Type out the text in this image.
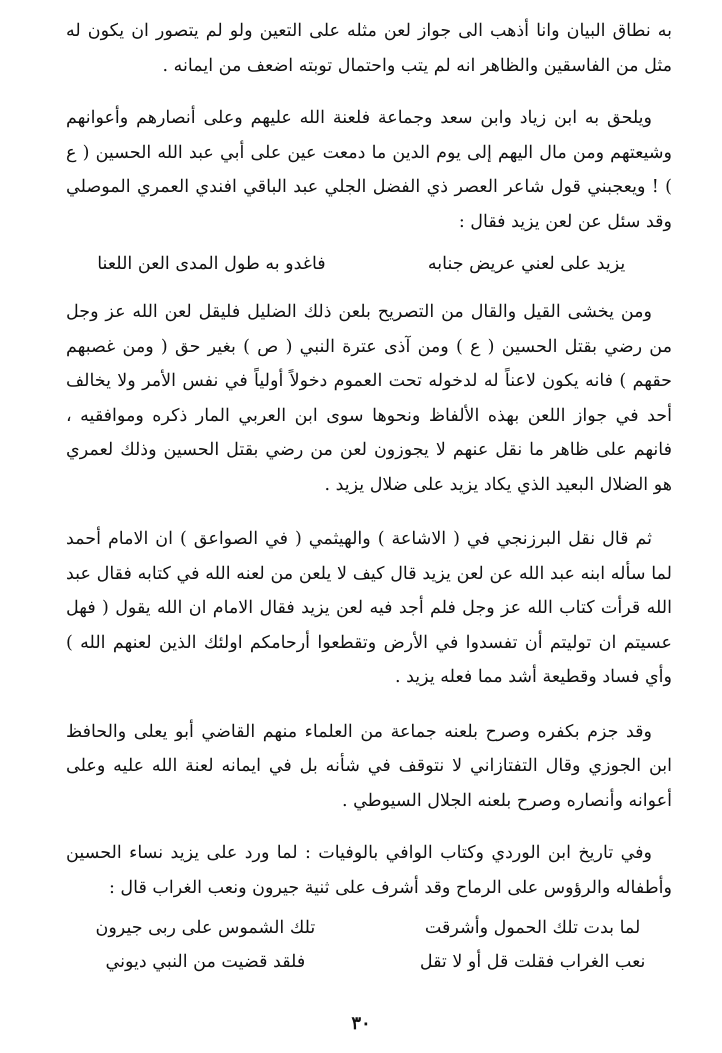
به نطاق البيان وانا أذهب الى جواز لعن مثله على التعين ولو لم يتصور ان يكون له مثل من الفاسقين والظاهر انه لم يتب واحتمال توبته اضعف من ايمانه .

ويلحق به ابن زياد وابن سعد وجماعة فلعنة الله عليهم وعلى أنصارهم وأعوانهم وشيعتهم ومن مال اليهم إلى يوم الدين ما دمعت عين على أبي عبد الله الحسين ( ع ) ! ويعجبني قول شاعر العصر ذي الفضل الجلي عبد الباقي افندي العمري الموصلي وقد سئل عن لعن يزيد فقال :

يزيد على لعني عريض جنابه
فاغدو به طول المدى العن اللعنا

ومن يخشى القيل والقال من التصريح بلعن ذلك الضليل فليقل لعن الله عز وجل من رضي بقتل الحسين ( ع ) ومن آذى عترة النبي ( ص ) بغير حق ( ومن غصبهم حقهم ) فانه يكون لاعناً له لدخوله تحت العموم دخولاً أولياً في نفس الأمر ولا يخالف أحد في جواز اللعن بهذه الألفاظ ونحوها سوى ابن العربي المار ذكره وموافقيه ، فانهم على ظاهر ما نقل عنهم لا يجوزون لعن من رضي بقتل الحسين وذلك لعمري هو الضلال البعيد الذي يكاد يزيد على ضلال يزيد .

ثم قال نقل البرزنجي في ( الاشاعة ) والهيثمي ( في الصواعق ) ان الامام أحمد لما سأله ابنه عبد الله عن لعن يزيد قال كيف لا يلعن من لعنه الله في كتابه فقال عبد الله قرأت كتاب الله عز وجل فلم أجد فيه لعن يزيد فقال الامام ان الله يقول ( فهل عسيتم ان توليتم أن تفسدوا في الأرض وتقطعوا أرحامكم اولئك الذين لعنهم الله ) وأي فساد وقطيعة أشد مما فعله يزيد .

وقد جزم بكفره وصرح بلعنه جماعة من العلماء منهم القاضي أبو يعلى والحافظ ابن الجوزي وقال التفتازاني لا نتوقف في شأنه بل في ايمانه لعنة الله عليه وعلى أعوانه وأنصاره وصرح بلعنه الجلال السيوطي .

وفي تاريخ ابن الوردي وكتاب الوافي بالوفيات : لما ورد على يزيد نساء الحسين وأطفاله والرؤوس على الرماح وقد أشرف على ثنية جيرون ونعب الغراب قال :

لما بدت تلك الحمول وأشرقت
تلك الشموس على ربى جيرون
نعب الغراب فقلت قل أو لا تقل
فلقد قضيت من النبي ديوني
٣٠
